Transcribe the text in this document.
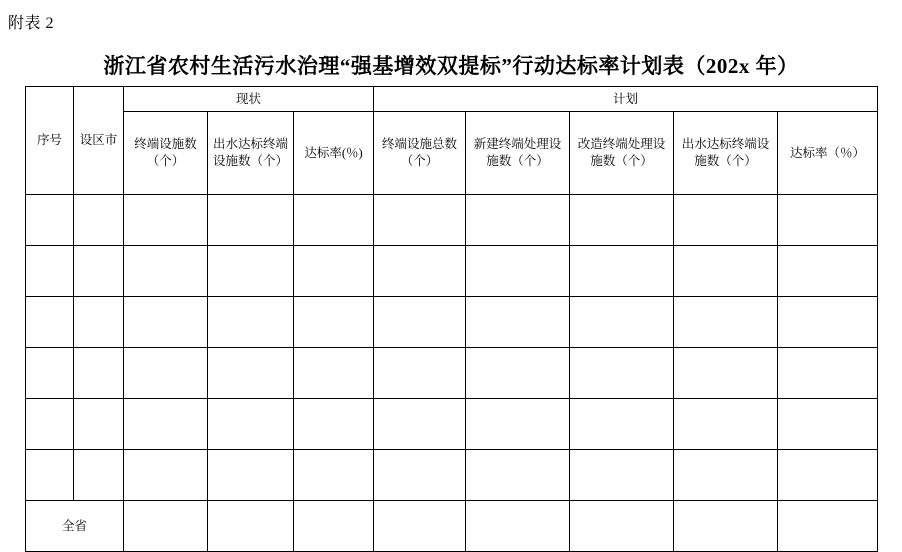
附表 2
浙江省农村生活污水治理“强基增效双提标”行动达标率计划表（202x 年）
序号	设区市	现状			计划				
		终端设施数（个）	出水达标终端设施数（个）	达标率(％)	终端设施总数（个）	新建终端处理设施数（个）	改造终端处理设施数（个）	出水达标终端设施数（个）	达标率（％）

全省									
